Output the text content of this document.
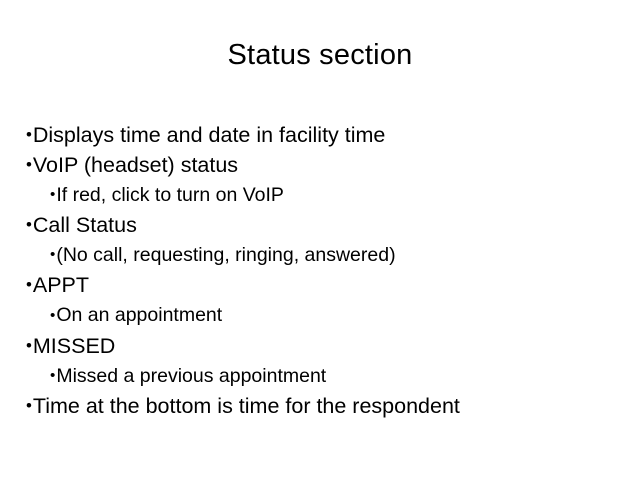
Status section
•Displays time and date in facility time
•VoIP (headset) status
•If red, click to turn on VoIP
•Call Status
•(No call, requesting, ringing, answered)
•APPT
•On an appointment
•MISSED
•Missed a previous appointment
•Time at the bottom is time for the respondent
